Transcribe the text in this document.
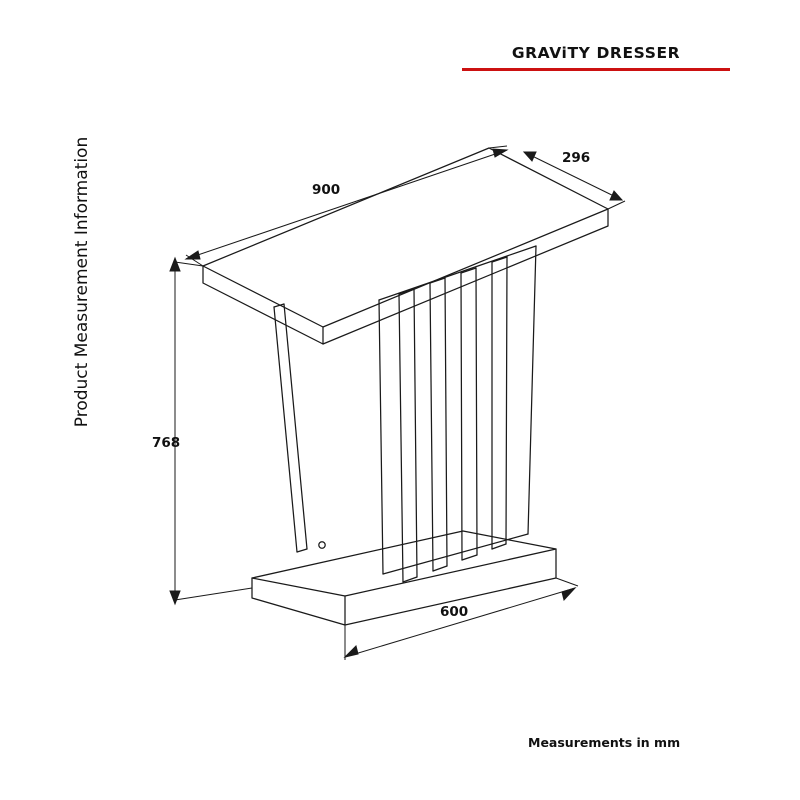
GRAViTY DRESSER
Product Measurement Information	900
296
768
600
Measurements in mm
